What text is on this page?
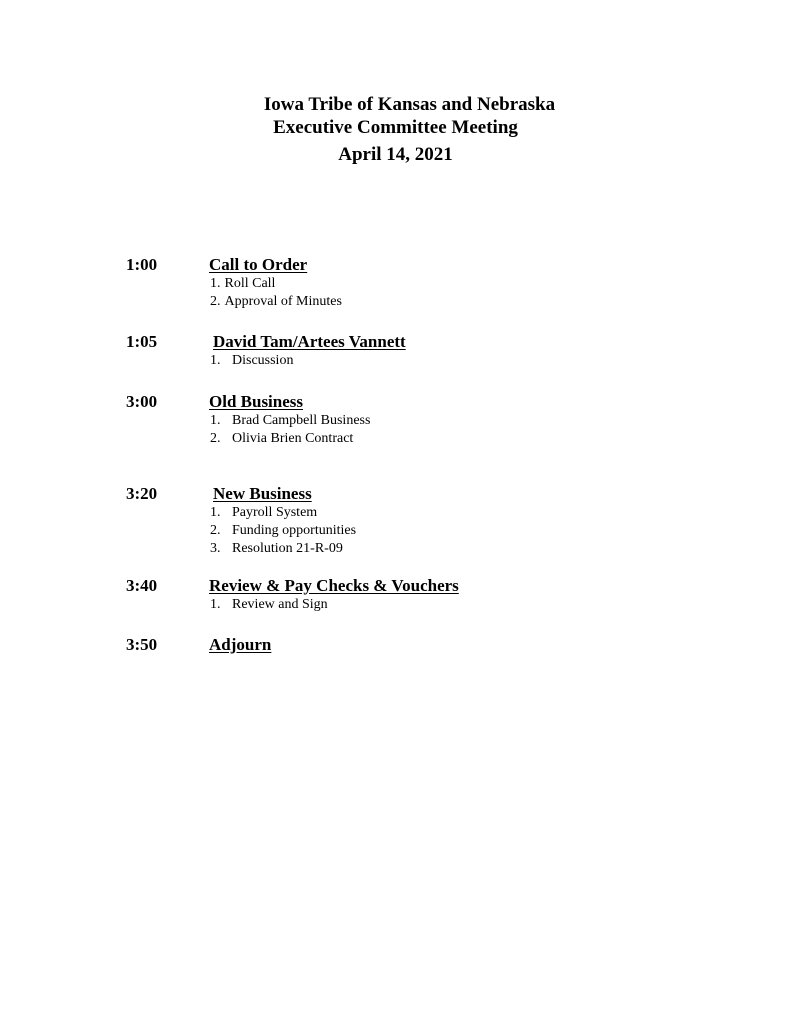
Iowa Tribe of Kansas and Nebraska
Executive Committee Meeting
April 14, 2021
1:00	Call to Order
1. Roll Call
2. Approval of Minutes
1:05	David Tam/Artees Vannett
1. Discussion
3:00	Old Business
1. Brad Campbell Business
2. Olivia Brien Contract
3:20	New Business
1. Payroll System
2. Funding opportunities
3. Resolution 21-R-09
3:40	Review & Pay Checks & Vouchers
1. Review and Sign
3:50	Adjourn
